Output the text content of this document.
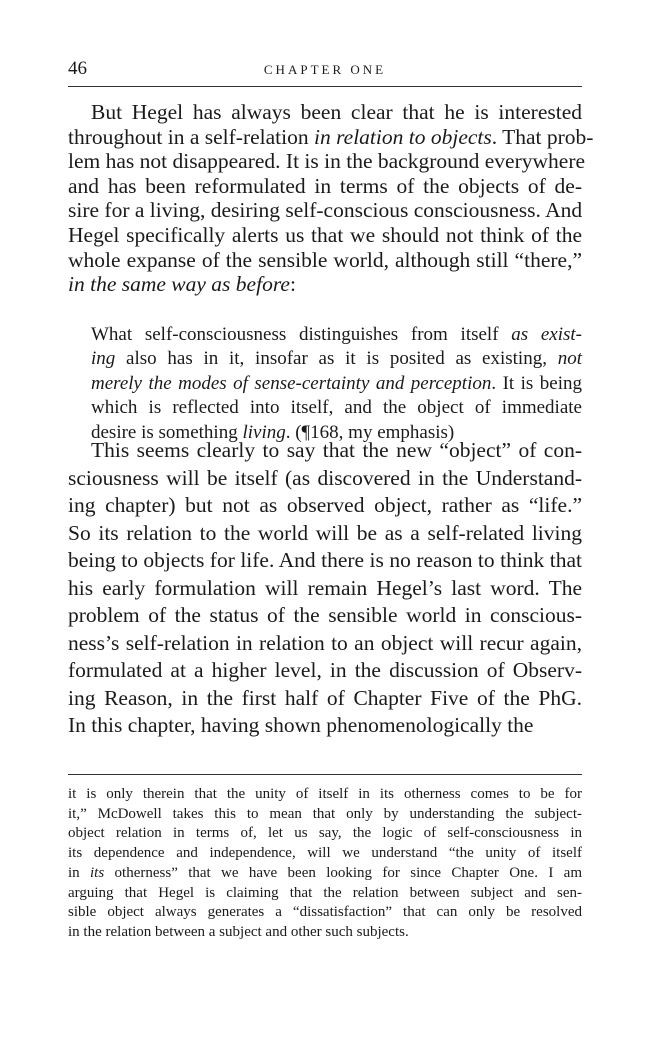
46	CHAPTER ONE
But Hegel has always been clear that he is interested
throughout in a self-relation in relation to objects. That prob-
lem has not disappeared. It is in the background everywhere
and has been reformulated in terms of the objects of de-
sire for a living, desiring self-conscious consciousness. And
Hegel specifically alerts us that we should not think of the
whole expanse of the sensible world, although still “there,”
in the same way as before:
What self-consciousness distinguishes from itself as exist-
ing also has in it, insofar as it is posited as existing, not
merely the modes of sense-certainty and perception. It is being
which is reflected into itself, and the object of immediate
desire is something living. (¶168, my emphasis)
This seems clearly to say that the new “object” of con-
sciousness will be itself (as discovered in the Understand-
ing chapter) but not as observed object, rather as “life.”
So its relation to the world will be as a self-related living
being to objects for life. And there is no reason to think that
his early formulation will remain Hegel’s last word. The
problem of the status of the sensible world in conscious-
ness’s self-relation in relation to an object will recur again,
formulated at a higher level, in the discussion of Observ-
ing Reason, in the first half of Chapter Five of the PhG.
In this chapter, having shown phenomenologically the
it is only therein that the unity of itself in its otherness comes to be for
it,” McDowell takes this to mean that only by understanding the subject-
object relation in terms of, let us say, the logic of self-consciousness in
its dependence and independence, will we understand “the unity of itself
in its otherness” that we have been looking for since Chapter One. I am
arguing that Hegel is claiming that the relation between subject and sen-
sible object always generates a “dissatisfaction” that can only be resolved
in the relation between a subject and other such subjects.
